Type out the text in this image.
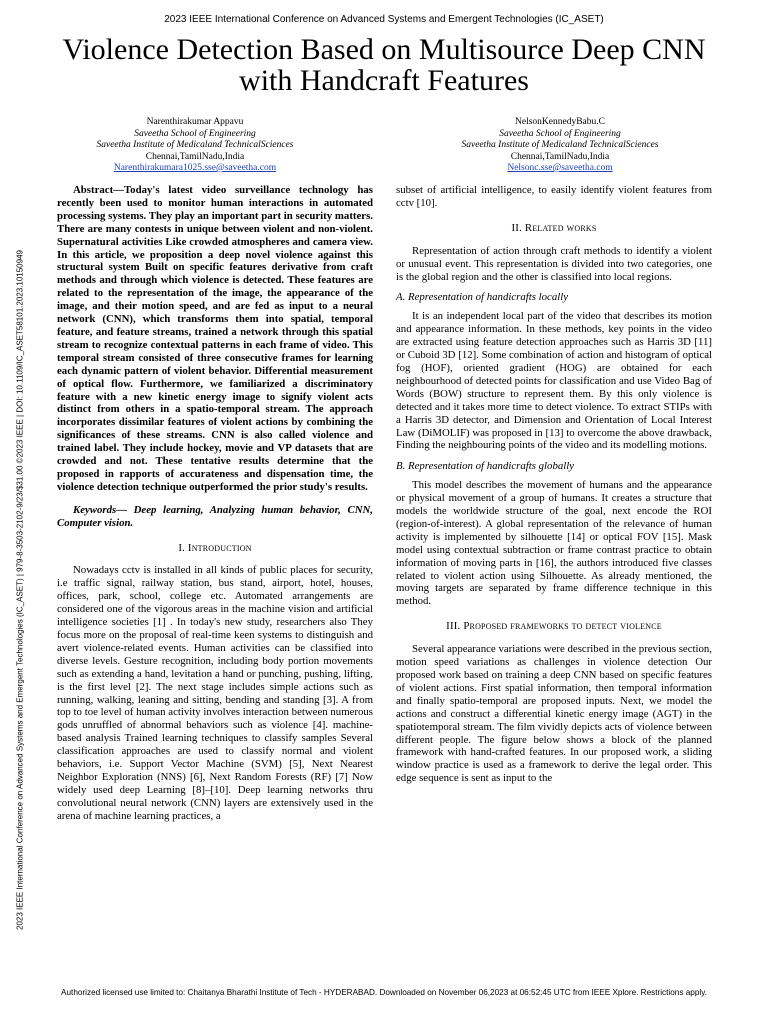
2023 IEEE International Conference on Advanced Systems and Emergent Technologies (IC_ASET)
Violence Detection Based on Multisource Deep CNN with Handcraft Features
Narenthirakumar Appavu
Saveetha School of Engineering
Saveetha Institute of Medicaland TechnicalSciences
Chennai,TamilNadu,India
Narenthirakumara1025.sse@saveetha.com
NelsonKennedyBabu.C
Saveetha School of Engineering
Saveetha Institute of Medicaland TechnicalSciences
Chennai,TamilNadu,India
Nelsonc.sse@saveetha.com
2023 IEEE International Conference on Advanced Systems and Emergent Technologies (IC_ASET) | 979-8-3503-2102-9/23/$31.00 ©2023 IEEE | DOI: 10.1109/IC_ASET58101.2023.10150949

Abstract—Today's latest video surveillance technology has recently been used to monitor human interactions in automated processing systems. They play an important part in security matters. There are many contests in unique between violent and non-violent. Supernatural activities Like crowded atmospheres and camera view. In this article, we proposition a deep novel violence against this structural system Built on specific features derivative from craft methods and through which violence is detected. These features are related to the representation of the image, the appearance of the image, and their motion speed, and are fed as input to a neural network (CNN), which transforms them into spatial, temporal feature, and feature streams, trained a network through this spatial stream to recognize contextual patterns in each frame of video. This temporal stream consisted of three consecutive frames for learning each dynamic pattern of violent behavior. Differential measurement of optical flow. Furthermore, we familiarized a discriminatory feature with a new kinetic energy image to signify violent acts distinct from others in a spatio-temporal stream. The approach incorporates dissimilar features of violent actions by combining the significances of these streams. CNN is also called violence and trained label. They include hockey, movie and VP datasets that are crowded and not. These tentative results determine that the proposed in rapports of accurateness and dispensation time, the violence detection technique outperformed the prior study's results.

Keywords— Deep learning, Analyzing human behavior, CNN, Computer vision.

I. Introduction

Nowadays cctv is installed in all kinds of public places for security, i.e traffic signal, railway station, bus stand, airport, hotel, houses, offices, park, school, college etc. Automated arrangements are considered one of the vigorous areas in the machine vision and artificial intelligence societies [1] . In today's new study, researchers also They focus more on the proposal of real-time keen systems to distinguish and avert violence-related events. Human activities can be classified into diverse levels. Gesture recognition, including body portion movements such as extending a hand, levitation a hand or punching, pushing, lifting, is the first level [2]. The next stage includes simple actions such as running, walking, leaning and sitting, bending and standing [3]. A from top to toe level of human activity involves interaction between numerous gods unruffled of abnormal behaviors such as violence [4]. machine-based analysis Trained learning techniques to classify samples Several classification approaches are used to classify normal and violent behaviors, i.e. Support Vector Machine (SVM) [5], Next Nearest Neighbor Exploration (NNS) [6], Next Random Forests (RF) [7] Now widely used deep Learning [8]–[10]. Deep learning networks thru convolutional neural network (CNN) layers are extensively used in the arena of machine learning practices, a

subset of artificial intelligence, to easily identify violent features from cctv [10].

II. Related works

Representation of action through craft methods to identify a violent or unusual event. This representation is divided into two categories, one is the global region and the other is classified into local regions.

A. Representation of handicrafts locally

It is an independent local part of the video that describes its motion and appearance information. In these methods, key points in the video are extracted using feature detection approaches such as Harris 3D [11] or Cuboid 3D [12]. Some combination of action and histogram of optical fog (HOF), oriented gradient (HOG) are obtained for each neighbourhood of detected points for classification and use Video Bag of Words (BOW) structure to represent them. By this only violence is detected and it takes more time to detect violence. To extract STIPs with a Harris 3D detector, and Dimension and Orientation of Local Interest Law (DiMOLIF) was proposed in [13] to overcome the above drawback, Finding the neighbouring points of the video and its modelling motions.

B. Representation of handicrafts globally

This model describes the movement of humans and the appearance or physical movement of a group of humans. It creates a structure that models the worldwide structure of the goal, next encode the ROI (region-of-interest). A global representation of the relevance of human activity is implemented by silhouette [14] or optical FOV [15]. Mask model using contextual subtraction or frame contrast practice to obtain information of moving parts in [16], the authors introduced five classes related to violent action using Silhouette. As already mentioned, the moving targets are separated by frame difference technique in this method.

III. Proposed frameworks to detect violence

Several appearance variations were described in the previous section, motion speed variations as challenges in violence detection Our proposed work based on training a deep CNN based on specific features of violent actions. First spatial information, then temporal information and finally spatio-temporal are proposed inputs. Next, we model the actions and construct a differential kinetic energy image (AGT) in the spatiotemporal stream. The film vividly depicts acts of violence between different people. The figure below shows a block of the planned framework with hand-crafted features. In our proposed work, a sliding window practice is used as a framework to derive the legal order. This edge sequence is sent as input to the

Authorized licensed use limited to: Chaitanya Bharathi Institute of Tech - HYDERABAD. Downloaded on November 06,2023 at 06:52:45 UTC from IEEE Xplore. Restrictions apply.
